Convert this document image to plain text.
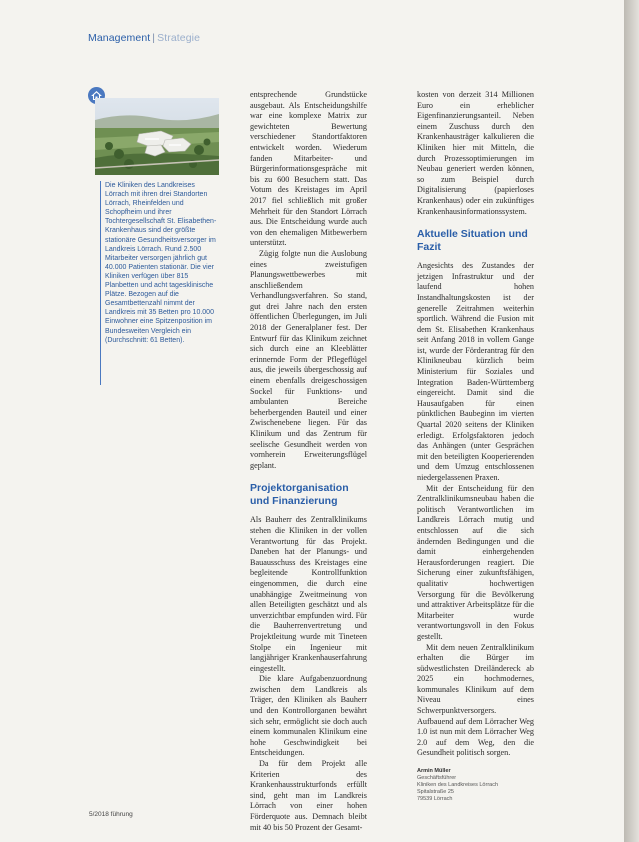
Management | Strategie
Die Kliniken des Landkreises Lörrach mit ihren drei Standorten Lörrach, Rheinfelden und Schopfheim und ihrer Tochtergesellschaft St. Elisabethen-Krankenhaus sind der größte stationäre Gesundheitsversorger im Landkreis Lörrach. Rund 2.500 Mitarbeiter versorgen jährlich gut 40.000 Patienten stationär. Die vier Kliniken verfügen über 815 Planbetten und acht tagesklinische Plätze. Bezogen auf die Gesamtbettenzahl nimmt der Landkreis mit 35 Betten pro 10.000 Einwohner eine Spitzenposition im Bundesweiten Vergleich ein (Durchschnitt: 61 Betten).

entsprechende Grundstücke ausgebaut. Als Entscheidungshilfe war eine komplexe Matrix zur gewichteten Bewertung verschiedener Standortfaktoren entwickelt worden. Wiederum fanden Mitarbeiter- und Bürgerinformationsgespräche mit bis zu 600 Besuchern statt. Das Votum des Kreistages im April 2017 fiel schließlich mit großer Mehrheit für den Standort Lörrach aus. Die Entscheidung wurde auch von den ehemaligen Mitbewerbern unterstützt.

Zügig folgte nun die Auslobung eines zweistufigen Planungswettbewerbes mit anschließendem Verhandlungsverfahren. So stand, gut drei Jahre nach den ersten öffentlichen Überlegungen, im Juli 2018 der Generalplaner fest. Der Entwurf für das Klinikum zeichnet sich durch eine an Kleeblätter erinnernde Form der Pflegeflügel aus, die jeweils übergeschossig auf einem ebenfalls dreigeschossigen Sockel für Funktions- und ambulanten Bereiche beherbergenden Bauteil und einer Zwischenebene liegen. Für das Klinikum und das Zentrum für seelische Gesundheit werden von vornherein Erweiterungsflügel geplant.

Projektorganisation und Finanzierung

Als Bauherr des Zentralklinikums stehen die Kliniken in der vollen Verantwortung für das Projekt. Daneben hat der Planungs- und Bauausschuss des Kreistages eine begleitende Kontrollfunktion eingenommen, die durch eine unabhängige Zweitmeinung von allen Beteiligten geschätzt und als unverzichtbar empfunden wird. Für die Bauherrenvertretung und Projektleitung wurde mit Tineteen Stolpe ein Ingenieur mit langjähriger Krankenhauserfahrung eingestellt.

Die klare Aufgabenzuordnung zwischen dem Landkreis als Träger, den Kliniken als Bauherr und den Kontrollorganen bewährt sich sehr, ermöglicht sie doch auch einem kommunalen Klinikum eine hohe Geschwindigkeit bei Entscheidungen.

Da für dem Projekt alle Kriterien des Krankenhausstrukturfonds erfüllt sind, geht man im Landkreis Lörrach von einer hohen Förderquote aus. Demnach bleibt mit 40 bis 50 Prozent der Gesamt-

kosten von derzeit 314 Millionen Euro ein erheblicher Eigenfinanzierungsanteil. Neben einem Zuschuss durch den Krankenhausträger kalkulieren die Kliniken hier mit Mitteln, die durch Prozessoptimierungen im Neubau generiert werden können, so zum Beispiel durch Digitalisierung (papierloses Krankenhaus) oder ein zukünftiges Krankenhausinformationssystem.

Aktuelle Situation und Fazit

Angesichts des Zustandes der jetzigen Infrastruktur und der laufend hohen Instandhaltungskosten ist der generelle Zeitrahmen weiterhin sportlich. Während die Fusion mit dem St. Elisabethen Krankenhaus seit Anfang 2018 in vollem Gange ist, wurde der Förderantrag für den Klinikneubau kürzlich beim Ministerium für Soziales und Integration Baden-Württemberg eingereicht. Damit sind die Hausaufgaben für einen pünktlichen Baubeginn im vierten Quartal 2020 seitens der Kliniken erledigt. Erfolgsfaktoren jedoch das Anhängen (unter Gesprächen mit den beteiligten Kooperierenden und dem Umzug entschlossenen niedergelassenen Praxen.

Mit der Entscheidung für den Zentralklinikumsneubau haben die politisch Verantwortlichen im Landkreis Lörrach mutig und entschlossen auf die sich ändernden Bedingungen und die damit einhergehenden Herausforderungen reagiert. Die Sicherung einer zukunftsfähigen, qualitativ hochwertigen Versorgung für die Bevölkerung und attraktiver Arbeitsplätze für die Mitarbeiter wurde verantwortungsvoll in den Fokus gestellt.

Mit dem neuen Zentralklinikum erhalten die Bürger im südwestlichsten Dreiländereck ab 2025 ein hochmodernes, kommunales Klinikum auf dem Niveau eines Schwerpunktversorgers. Aufbauend auf dem Lörracher Weg 1.0 ist nun mit dem Lörracher Weg 2.0 auf dem Weg, den die Gesundheit politisch sorgen.

Armin Müller
Geschäftsführer
Kliniken des Landkreises Lörrach
Spitalstraße 25
79539 Lörrach
5/2018 führung
